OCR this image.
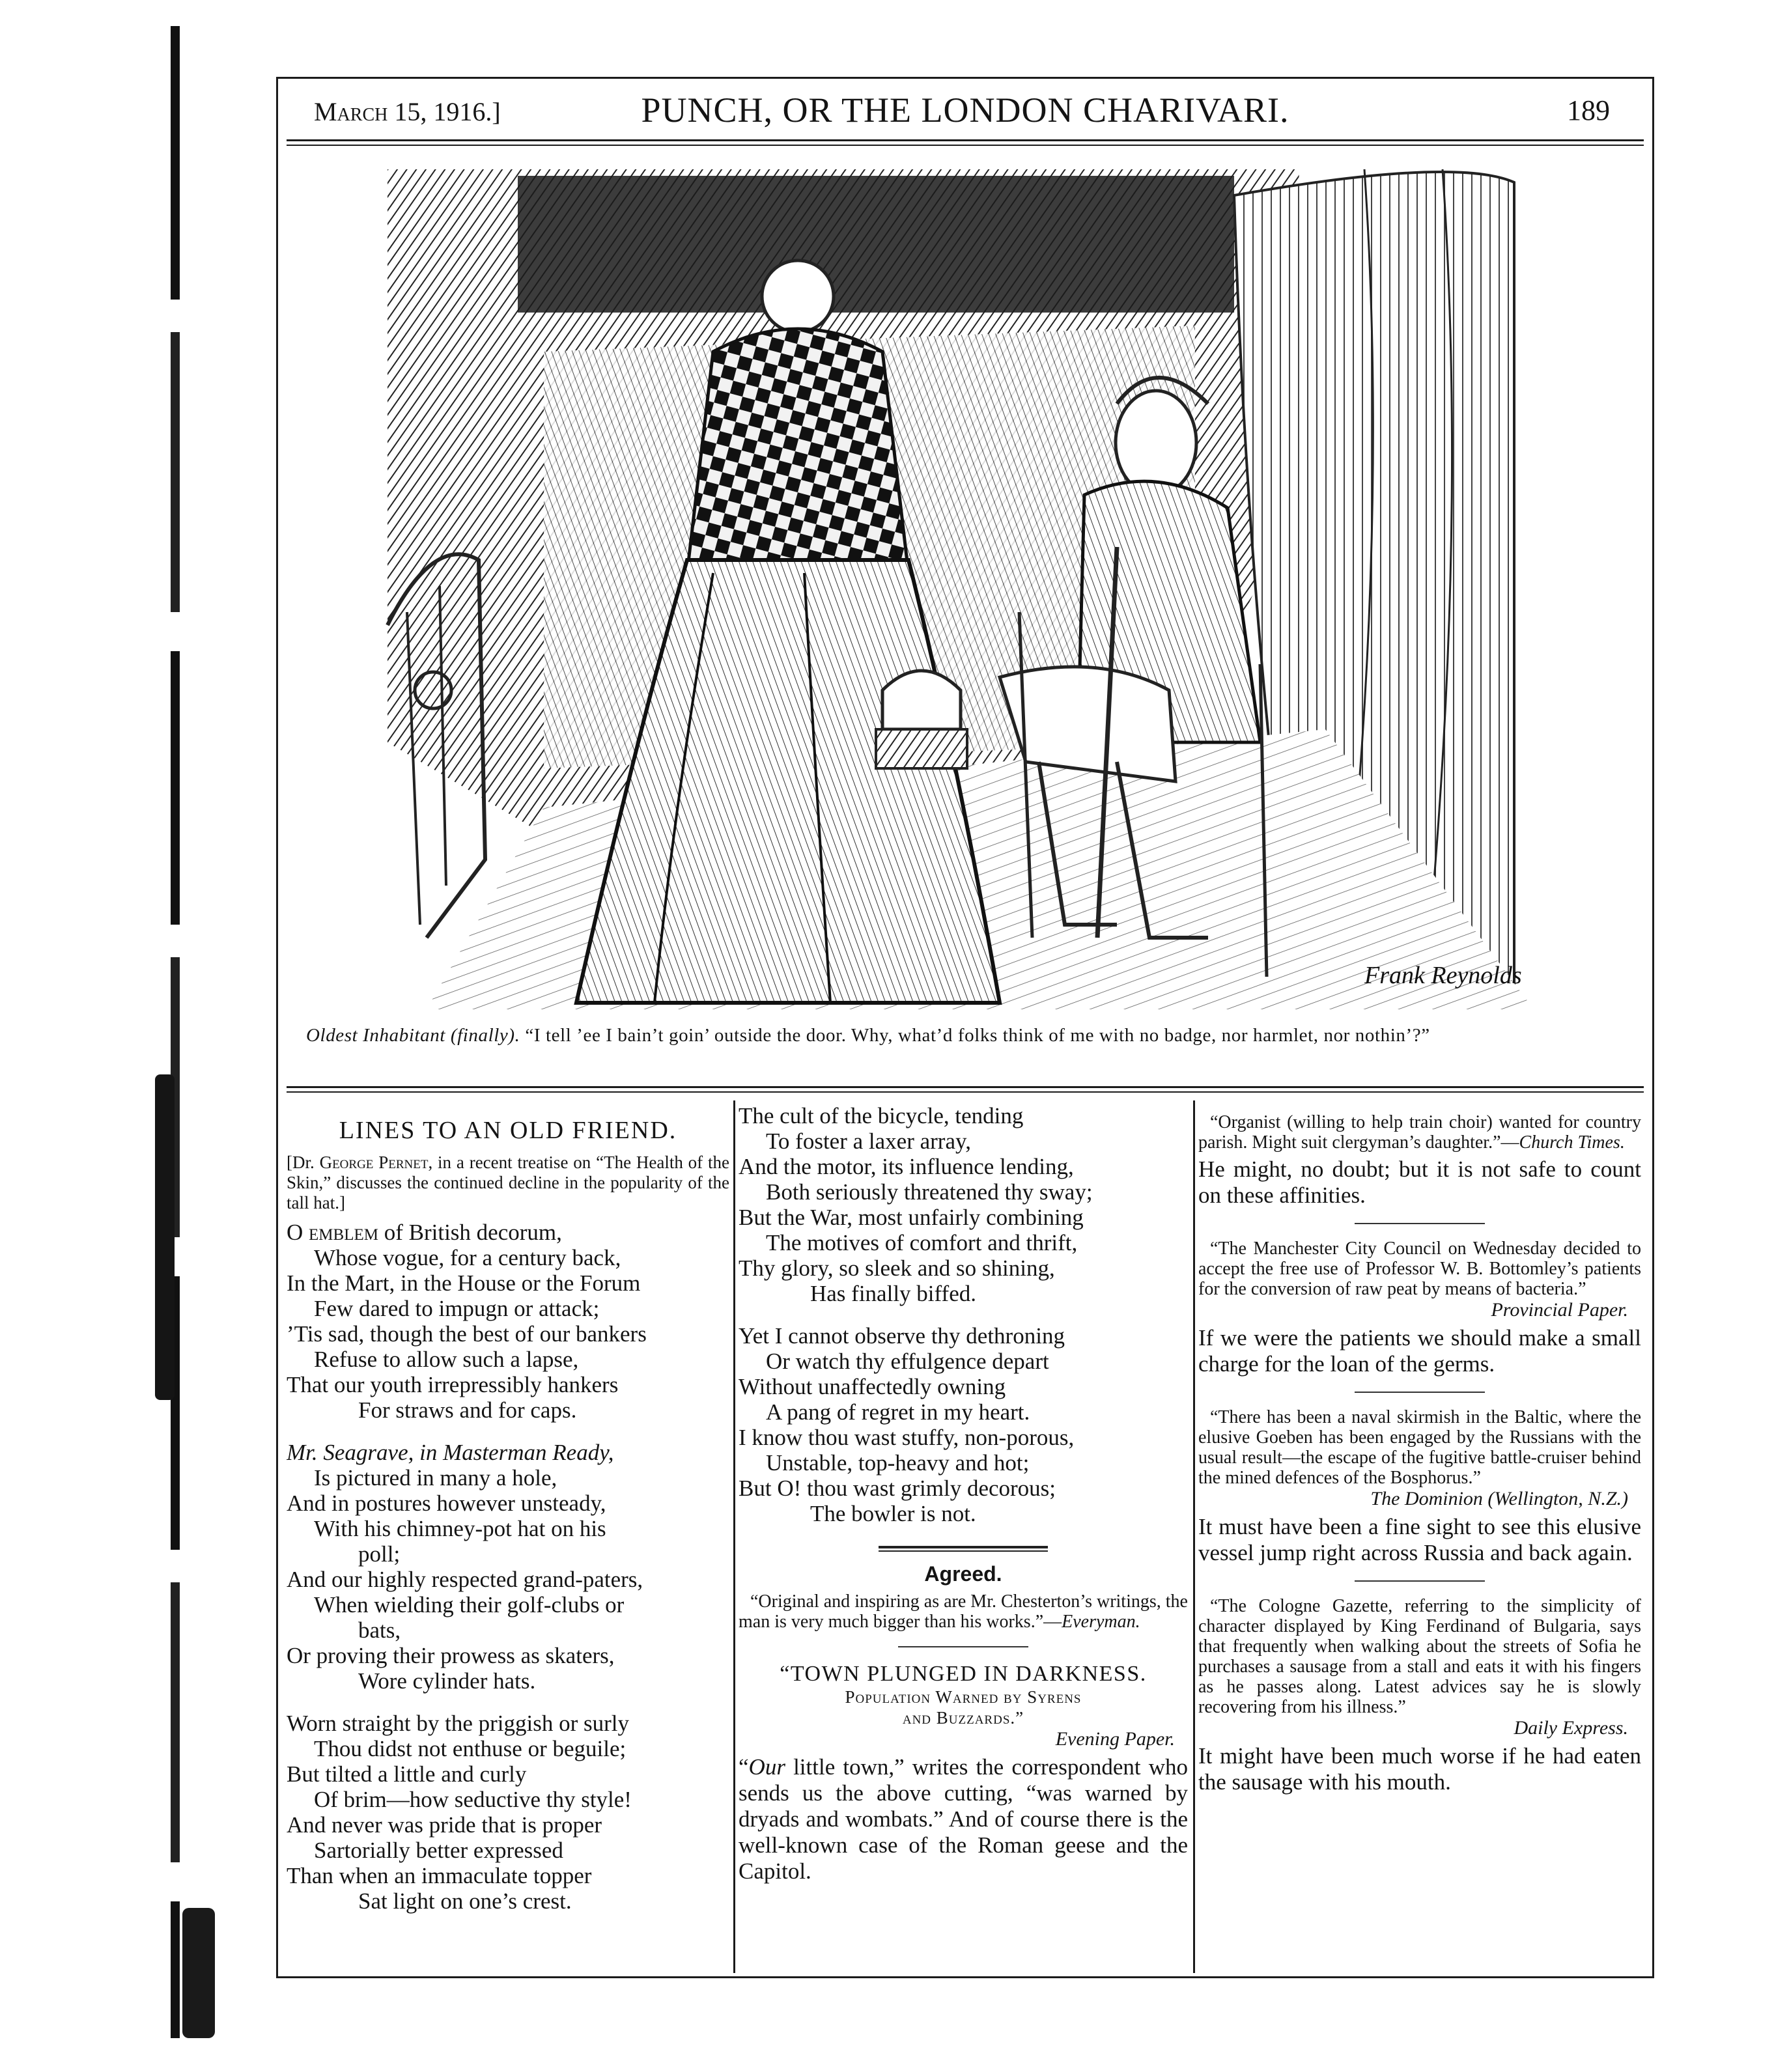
March 15, 1916.]	PUNCH, OR THE LONDON CHARIVARI.	189
Frank Reynolds
Oldest Inhabitant (finally). “I tell ’ee I bain’t goin’ outside the door. Why, what’d folks think of me with no badge, nor harmlet, nor nothin’?”
LINES TO AN OLD FRIEND.
[Dr. George Pernet, in a recent treatise on “The Health of the Skin,” discusses the continued decline in the popularity of the tall hat.]
O emblem of British decorum,
Whose vogue, for a century back,
In the Mart, in the House or the Forum
Few dared to impugn or attack;
’Tis sad, though the best of our bankers
Refuse to allow such a lapse,
That our youth irrepressibly hankers
For straws and for caps.
Mr. Seagrave, in Masterman Ready,
Is pictured in many a hole,
And in postures however unsteady,
With his chimney-pot hat on his
poll;
And our highly respected grand-paters,
When wielding their golf-clubs or
bats,
Or proving their prowess as skaters,
Wore cylinder hats.
Worn straight by the priggish or surly
Thou didst not enthuse or beguile;
But tilted a little and curly
Of brim—how seductive thy style!
And never was pride that is proper
Sartorially better expressed
Than when an immaculate topper
Sat light on one’s crest.
The cult of the bicycle, tending
To foster a laxer array,
And the motor, its influence lending,
Both seriously threatened thy sway;
But the War, most unfairly combining
The motives of comfort and thrift,
Thy glory, so sleek and so shining,
Has finally biffed.
Yet I cannot observe thy dethroning
Or watch thy effulgence depart
Without unaffectedly owning
A pang of regret in my heart.
I know thou wast stuffy, non-porous,
Unstable, top-heavy and hot;
But O! thou wast grimly decorous;
The bowler is not.
Agreed.
“Original and inspiring as are Mr. Chesterton’s writings, the man is very much bigger than his works.”—Everyman.
“TOWN PLUNGED IN DARKNESS.
Population Warned by Syrens
and Buzzards.”
Evening Paper.
“Our little town,” writes the correspondent who sends us the above cutting, “was warned by dryads and wombats.” And of course there is the well-known case of the Roman geese and the Capitol.
“Organist (willing to help train choir) wanted for country parish. Might suit clergyman’s daughter.”—Church Times.
He might, no doubt; but it is not safe to count on these affinities.
“The Manchester City Council on Wednesday decided to accept the free use of Professor W. B. Bottomley’s patients for the conversion of raw peat by means of bacteria.”
Provincial Paper.
If we were the patients we should make a small charge for the loan of the germs.
“There has been a naval skirmish in the Baltic, where the elusive Goeben has been engaged by the Russians with the usual result—the escape of the fugitive battle-cruiser behind the mined defences of the Bosphorus.”
The Dominion (Wellington, N.Z.)
It must have been a fine sight to see this elusive vessel jump right across Russia and back again.
“The Cologne Gazette, referring to the simplicity of character displayed by King Ferdinand of Bulgaria, says that frequently when walking about the streets of Sofia he purchases a sausage from a stall and eats it with his fingers as he passes along. Latest advices say he is slowly recovering from his illness.”
Daily Express.
It might have been much worse if he had eaten the sausage with his mouth.
